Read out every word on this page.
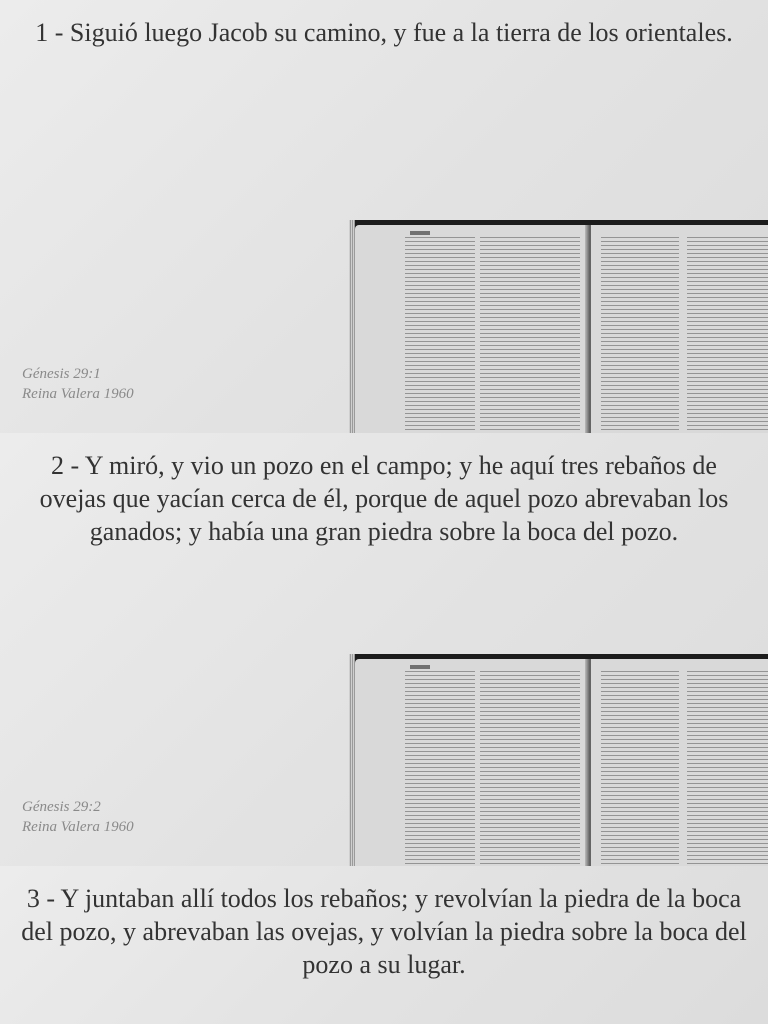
1 - Siguió luego Jacob su camino, y fue a la tierra de los orientales.
Génesis 29:1
Reina Valera 1960
2 - Y miró, y vio un pozo en el campo; y he aquí tres rebaños de ovejas que yacían cerca de él, porque de aquel pozo abrevaban los ganados; y había una gran piedra sobre la boca del pozo.
Génesis 29:2
Reina Valera 1960
3 - Y juntaban allí todos los rebaños; y revolvían la piedra de la boca del pozo, y abrevaban las ovejas, y volvían la piedra sobre la boca del pozo a su lugar.
